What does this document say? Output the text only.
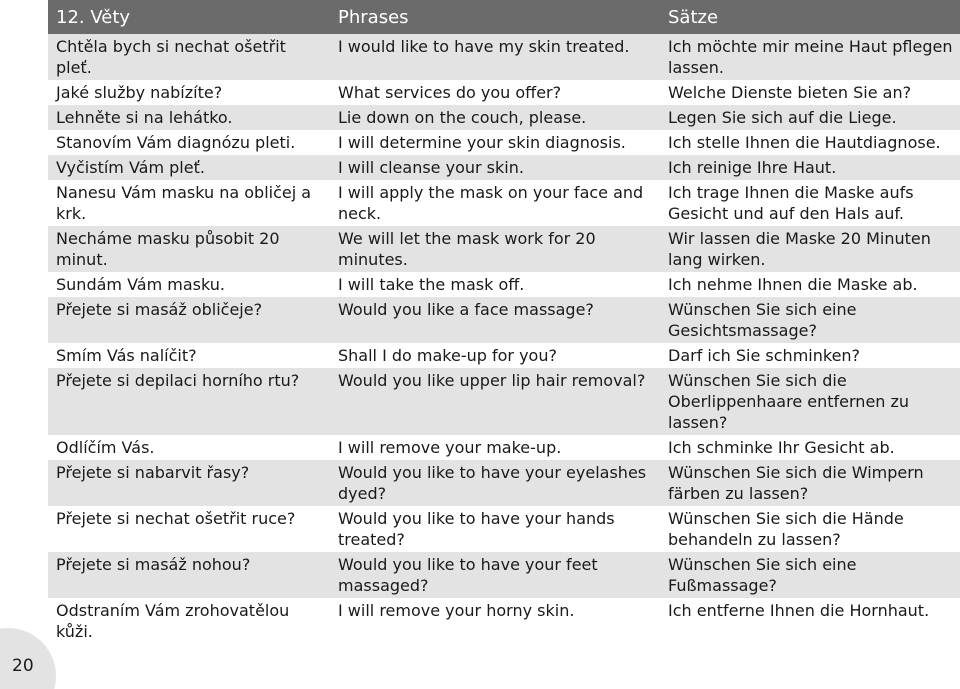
12. Věty	Phrases	Sätze
Chtěla bych si nechat ošetřit pleť.	I would like to have my skin treated.	Ich möchte mir meine Haut pflegen lassen.
Jaké služby nabízíte?	What services do you offer?	Welche Dienste bieten Sie an?
Lehněte si na lehátko.	Lie down on the couch, please.	Legen Sie sich auf die Liege.
Stanovím Vám diagnózu pleti.	I will determine your skin diagnosis.	Ich stelle Ihnen die Hautdiagnose.
Vyčistím Vám pleť.	I will cleanse your skin.	Ich reinige Ihre Haut.
Nanesu Vám masku na obličej a krk.	I will apply the mask on your face and neck.	Ich trage Ihnen die Maske aufs Gesicht und auf den Hals auf.
Necháme masku působit 20 minut.	We will let the mask work for 20 minutes.	Wir lassen die Maske 20 Minuten lang wirken.
Sundám Vám masku.	I will take the mask off.	Ich nehme Ihnen die Maske ab.
Přejete si masáž obličeje?	Would you like a face massage?	Wünschen Sie sich eine Gesichtsmassage?
Smím Vás nalíčit?	Shall I do make-up for you?	Darf ich Sie schminken?
Přejete si depilaci horního rtu?	Would you like upper lip hair removal?	Wünschen Sie sich die Oberlippenhaare entfernen zu lassen?
Odlíčím Vás.	I will remove your make-up.	Ich schminke Ihr Gesicht ab.
Přejete si nabarvit řasy?	Would you like to have your eyelashes dyed?	Wünschen Sie sich die Wimpern färben zu lassen?
Přejete si nechat ošetřit ruce?	Would you like to have your hands treated?	Wünschen Sie sich die Hände behandeln zu lassen?
Přejete si masáž nohou?	Would you like to have your feet massaged?	Wünschen Sie sich eine Fußmassage?
Odstraním Vám zrohovatělou kůži.	I will remove your horny skin.	Ich entferne Ihnen die Hornhaut.
20
